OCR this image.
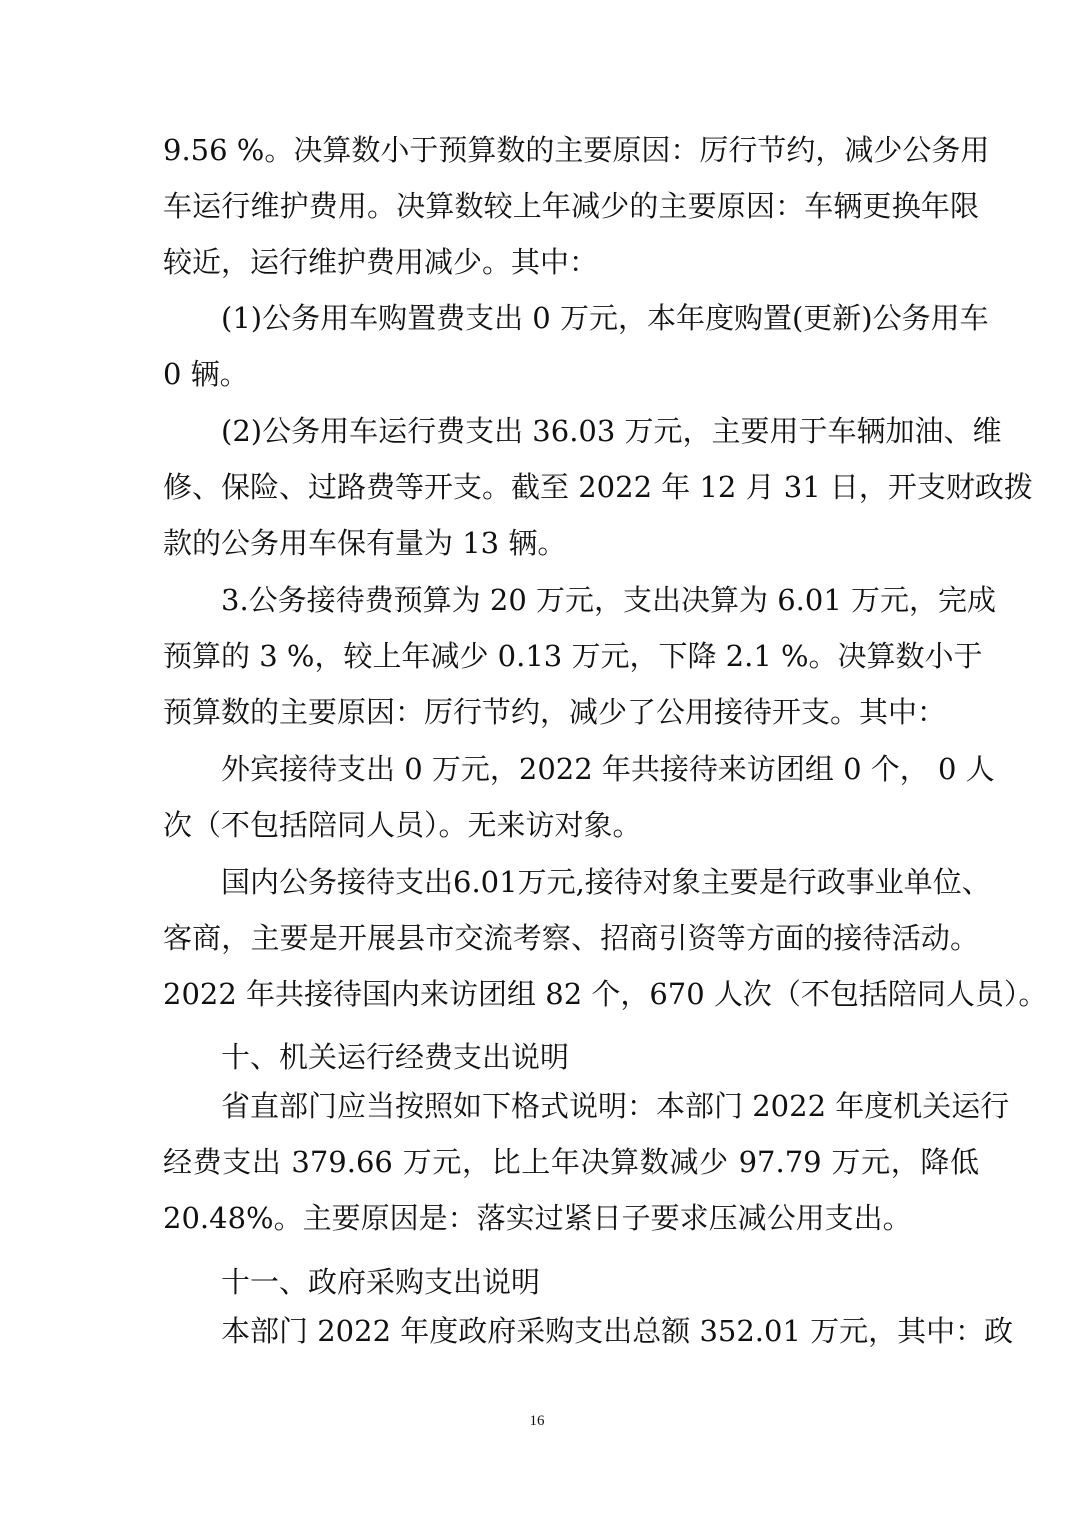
9.56 %。决算数小于预算数的主要原因：厉行节约，减少公务用
车运行维护费用。决算数较上年减少的主要原因：车辆更换年限
较近，运行维护费用减少。其中：
(1)公务用车购置费支出 0 万元，本年度购置(更新)公务用车
0 辆。
(2)公务用车运行费支出 36.03 万元，主要用于车辆加油、维
修、保险、过路费等开支。截至 2022 年 12 月 31 日，开支财政拨
款的公务用车保有量为 13 辆。
3.公务接待费预算为 20 万元，支出决算为 6.01 万元，完成
预算的 3 %，较上年减少 0.13 万元，下降 2.1 %。决算数小于
预算数的主要原因：厉行节约，减少了公用接待开支。其中：
外宾接待支出 0 万元，2022 年共接待来访团组 0 个， 0 人
次（不包括陪同人员）。无来访对象。
国内公务接待支出6.01万元,接待对象主要是行政事业单位、
客商，主要是开展县市交流考察、招商引资等方面的接待活动。
2022 年共接待国内来访团组 82 个，670 人次（不包括陪同人员）。
十、机关运行经费支出说明
省直部门应当按照如下格式说明：本部门 2022 年度机关运行
经费支出 379.66 万元，比上年决算数减少 97.79 万元，降低
20.48%。主要原因是：落实过紧日子要求压减公用支出。
十一、政府采购支出说明
本部门 2022 年度政府采购支出总额 352.01 万元，其中：政
16
